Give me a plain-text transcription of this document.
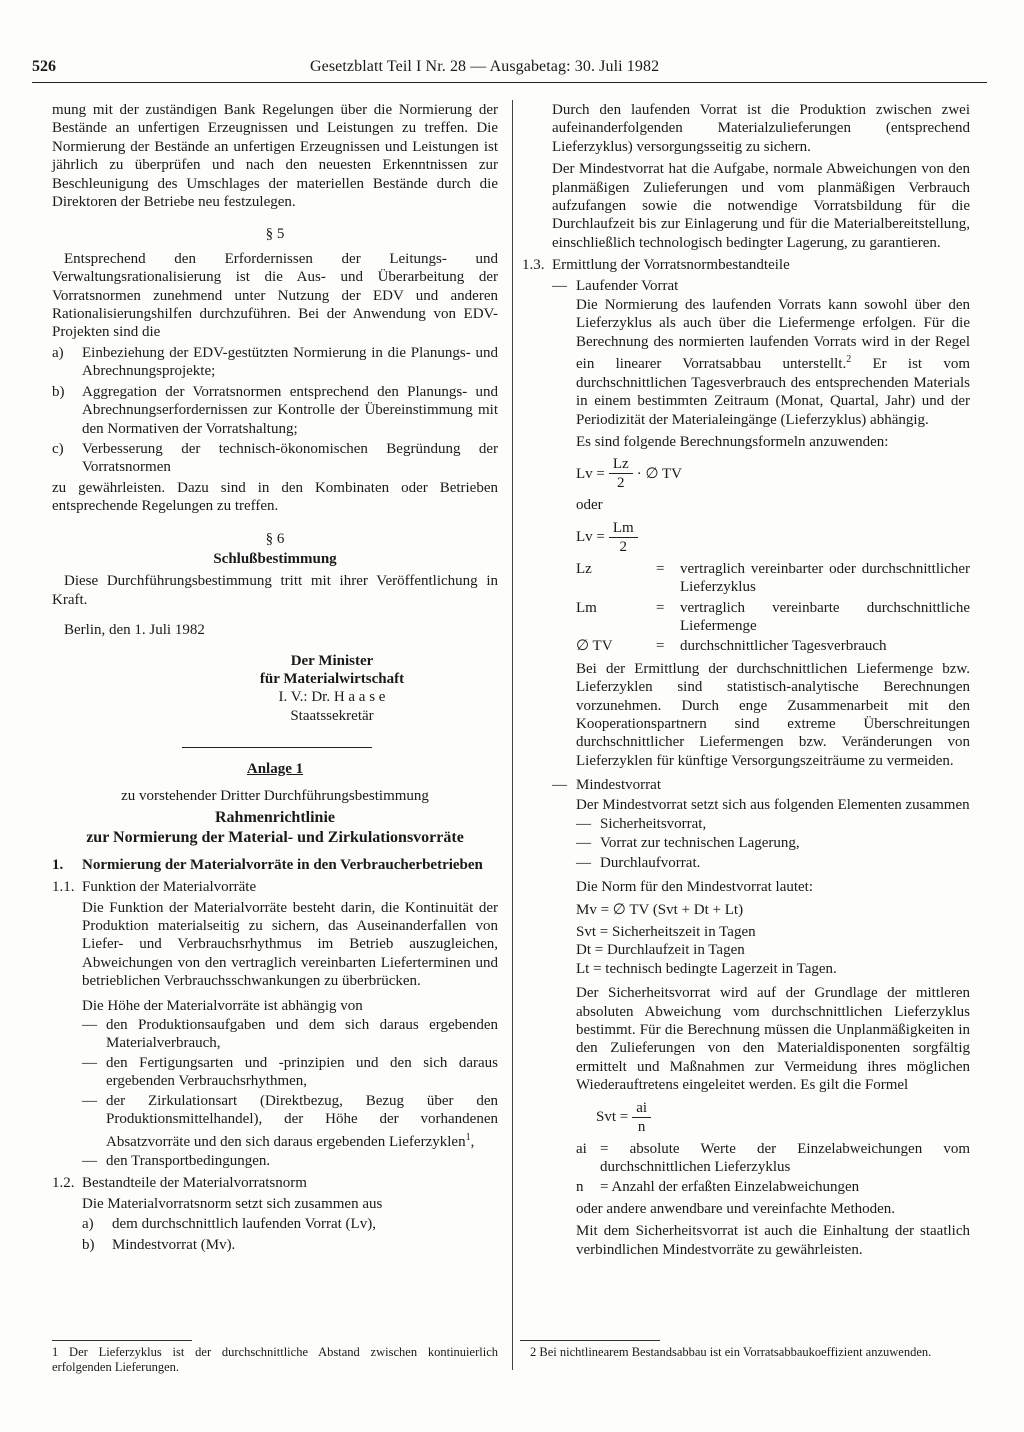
526	Gesetzblatt Teil I Nr. 28 — Ausgabetag: 30. Juli 1982

mung mit der zuständigen Bank Regelungen über die Normierung der Bestände an unfertigen Erzeugnissen und Leistungen zu treffen. Die Normierung der Bestände an unfertigen Erzeugnissen und Leistungen ist jährlich zu überprüfen und nach den neuesten Erkenntnissen zur Beschleunigung des Umschlages der materiellen Bestände durch die Direktoren der Betriebe neu festzulegen.

§ 5

Entsprechend den Erfordernissen der Leitungs- und Verwaltungsrationalisierung ist die Aus- und Überarbeitung der Vorratsnormen zunehmend unter Nutzung der EDV und anderen Rationalisierungshilfen durchzuführen. Bei der Anwendung von EDV-Projekten sind die

a)	Einbeziehung der EDV-gestützten Normierung in die Planungs- und Abrechnungsprojekte;
b)	Aggregation der Vorratsnormen entsprechend den Planungs- und Abrechnungserfordernissen zur Kontrolle der Übereinstimmung mit den Normativen der Vorratshaltung;
c)	Verbesserung der technisch-ökonomischen Begründung der Vorratsnormen

zu gewährleisten. Dazu sind in den Kombinaten oder Betrieben entsprechende Regelungen zu treffen.

§ 6
Schlußbestimmung

Diese Durchführungsbestimmung tritt mit ihrer Veröffentlichung in Kraft.

Berlin, den 1. Juli 1982

Der Minister
für Materialwirtschaft
I. V.: Dr. H a a s e
Staatssekretär
Anlage 1
zu vorstehender Dritter Durchführungsbestimmung
Rahmenrichtlinie
zur Normierung der Material- und Zirkulationsvorräte
1.	Normierung der Materialvorräte in den Verbraucherbetrieben
1.1. Funktion der Materialvorräte

Die Funktion der Materialvorräte besteht darin, die Kontinuität der Produktion materialseitig zu sichern, das Auseinanderfallen von Liefer- und Verbrauchsrhythmus im Betrieb auszugleichen, Abweichungen von den vertraglich vereinbarten Lieferterminen und betrieblichen Verbrauchsschwankungen zu überbrücken.

Die Höhe der Materialvorräte ist abhängig von

— den Produktionsaufgaben und dem sich daraus ergebenden Materialverbrauch,
— den Fertigungsarten und -prinzipien und den sich daraus ergebenden Verbrauchsrhythmen,
— der Zirkulationsart (Direktbezug, Bezug über den Produktionsmittelhandel), der Höhe der vorhandenen Absatzvorräte und den sich daraus ergebenden Lieferzyklen$^1$,
— den Transportbedingungen.
1.2. Bestandteile der Materialvorratsnorm

Die Materialvorratsnorm setzt sich zusammen aus

a)	dem durchschnittlich laufenden Vorrat (Lv),
b)	Mindestvorrat (Mv).
1 Der Lieferzyklus ist der durchschnittliche Abstand zwischen kontinuierlich erfolgenden Lieferungen.

Durch den laufenden Vorrat ist die Produktion zwischen zwei aufeinanderfolgenden Materialzulieferungen (entsprechend Lieferzyklus) versorgungsseitig zu sichern.

Der Mindestvorrat hat die Aufgabe, normale Abweichungen von den planmäßigen Zulieferungen und vom planmäßigen Verbrauch aufzufangen sowie die notwendige Vorratsbildung für die Durchlaufzeit bis zur Einlagerung und für die Materialbereitstellung, einschließlich technologisch bedingter Lagerung, zu garantieren.

1.3. Ermittlung der Vorratsnormbestandteile
— Laufender Vorrat

Die Normierung des laufenden Vorrats kann sowohl über den Lieferzyklus als auch über die Liefermenge erfolgen. Für die Berechnung des normierten laufenden Vorrats wird in der Regel ein linearer Vorratsabbau unterstellt.$^2$ Er ist vom durchschnittlichen Tagesverbrauch des entsprechenden Materials in einem bestimmten Zeitraum (Monat, Quartal, Jahr) und der Periodizität der Materialeingänge (Lieferzyklus) abhängig.

Es sind folgende Berechnungsformeln anzuwenden:

$Lv = \frac{Lz}{2}$ · ∅ TV
oder
$Lv = \frac{Lm}{2}$
Lz	=	vertraglich vereinbarter oder durchschnittlicher Lieferzyklus
Lm	=	vertraglich vereinbarte durchschnittliche Liefermenge
∅ TV	=	durchschnittlicher Tagesverbrauch

Bei der Ermittlung der durchschnittlichen Liefermenge bzw. Lieferzyklen sind statistisch-analytische Berechnungen vorzunehmen. Durch enge Zusammenarbeit mit den Kooperationspartnern sind extreme Überschreitungen durchschnittlicher Liefermengen bzw. Veränderungen von Lieferzyklen für künftige Versorgungszeiträume zu vermeiden.

— Mindestvorrat

Der Mindestvorrat setzt sich aus folgenden Elementen zusammen

— Sicherheitsvorrat,
— Vorrat zur technischen Lagerung,
— Durchlaufvorrat.

Die Norm für den Mindestvorrat lautet:

Mv = ∅ TV (Svt + Dt + Lt)
Svt = Sicherheitszeit in Tagen
Dt = Durchlaufzeit in Tagen
Lt = technisch bedingte Lagerzeit in Tagen.

Der Sicherheitsvorrat wird auf der Grundlage der mittleren absoluten Abweichung vom durchschnittlichen Lieferzyklus bestimmt. Für die Berechnung müssen die Unplanmäßigkeiten in den Zulieferungen von den Materialdisponenten sorgfältig ermittelt und Maßnahmen zur Vermeidung ihres möglichen Wiederauftretens eingeleitet werden. Es gilt die Formel

Svt = $\frac{ai}{n}$
ai = absolute Werte der Einzelabweichungen vom durchschnittlichen Lieferzyklus
n	= Anzahl der erfaßten Einzelabweichungen

oder andere anwendbare und vereinfachte Methoden.

Mit dem Sicherheitsvorrat ist auch die Einhaltung der staatlich verbindlichen Mindestvorräte zu gewährleisten.

2 Bei nichtlinearem Bestandsabbau ist ein Vorratsabbaukoeffizient anzuwenden.
